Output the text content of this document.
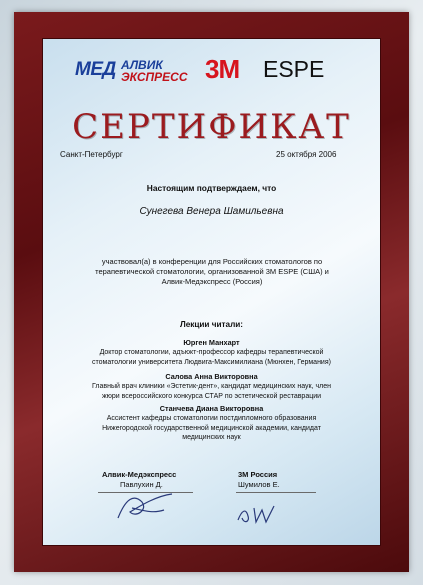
МЕД АЛВИК
ЭКСПРЕСС 3M ESPE
СЕРТИФИКАТ
Санкт-Петербург	25 октября 2006
Настоящим подтверждаем, что
Сунегева Венера Шамильевна
участвовал(а) в конференции для Российских стоматологов по
терапевтической стоматологии, организованной 3М ESPE (США) и
Алвик-Медэкспресс (Россия)
Лекции читали:
Юрген Манхарт
Доктор стоматологии, адъюкт-профессор кафедры терапевтической
стоматологии университета Людвига-Максимилиана (Мюнхен, Германия)
Салова Анна Викторовна
Главный врач клиники «Эстетик-дент», кандидат медицинских наук, член
жюри всероссийского конкурса СТАР по эстетической реставрации
Станчева Диана Викторовна
Ассистент кафедры стоматологии постдипломного образования
Нижегородской государственной медицинской академии, кандидат
медицинских наук
Алвик-Медэкспресс
Павлухин Д.
3M Россия
Шумилов Е.
